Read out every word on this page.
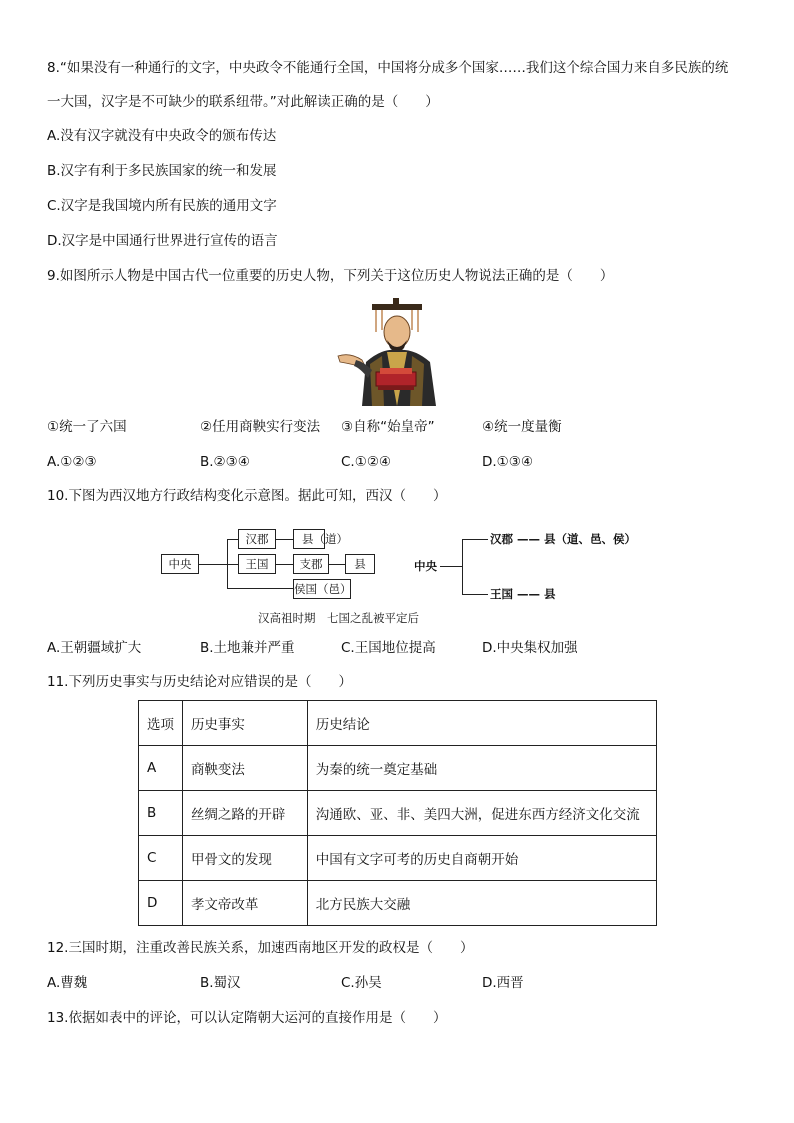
8.“如果没有一种通行的文字，中央政令不能通行全国，中国将分成多个国家……我们这个综合国力来自多民族的统
一大国，汉字是不可缺少的联系纽带。”对此解读正确的是（　　）
A.没有汉字就没有中央政令的颁布传达
B.汉字有利于多民族国家的统一和发展
C.汉字是我国境内所有民族的通用文字
D.汉字是中国通行世界进行宣传的语言
9.如图所示人物是中国古代一位重要的历史人物，下列关于这位历史人物说法正确的是（　　）
①统一了六国	②任用商鞅实行变法 ③自称“始皇帝”	④统一度量衡
A.①②③	B.②③④	C.①②④	D.①③④
10.下图为西汉地方行政结构变化示意图。据此可知，西汉（　　）
中央
汉郡
王国
侯国（邑）
县（道）
支郡	县	中央
汉郡 —— 县（道、邑、侯）
王国 —— 县
汉高祖时期 七国之乱被平定后
A.王朝疆域扩大	B.土地兼并严重	C.王国地位提高	D.中央集权加强
11.下列历史事实与历史结论对应错误的是（　　）
选项	历史事实	历史结论
A	商鞅变法	为秦的统一奠定基础
B	丝绸之路的开辟	沟通欧、亚、非、美四大洲，促进东西方经济文化交流
C	甲骨文的发现	中国有文字可考的历史自商朝开始
D	孝文帝改革	北方民族大交融
12.三国时期，注重改善民族关系，加速西南地区开发的政权是（　　）
A.曹魏	B.蜀汉	C.孙吴	D.西晋
13.依据如表中的评论，可以认定隋朝大运河的直接作用是（　　）
